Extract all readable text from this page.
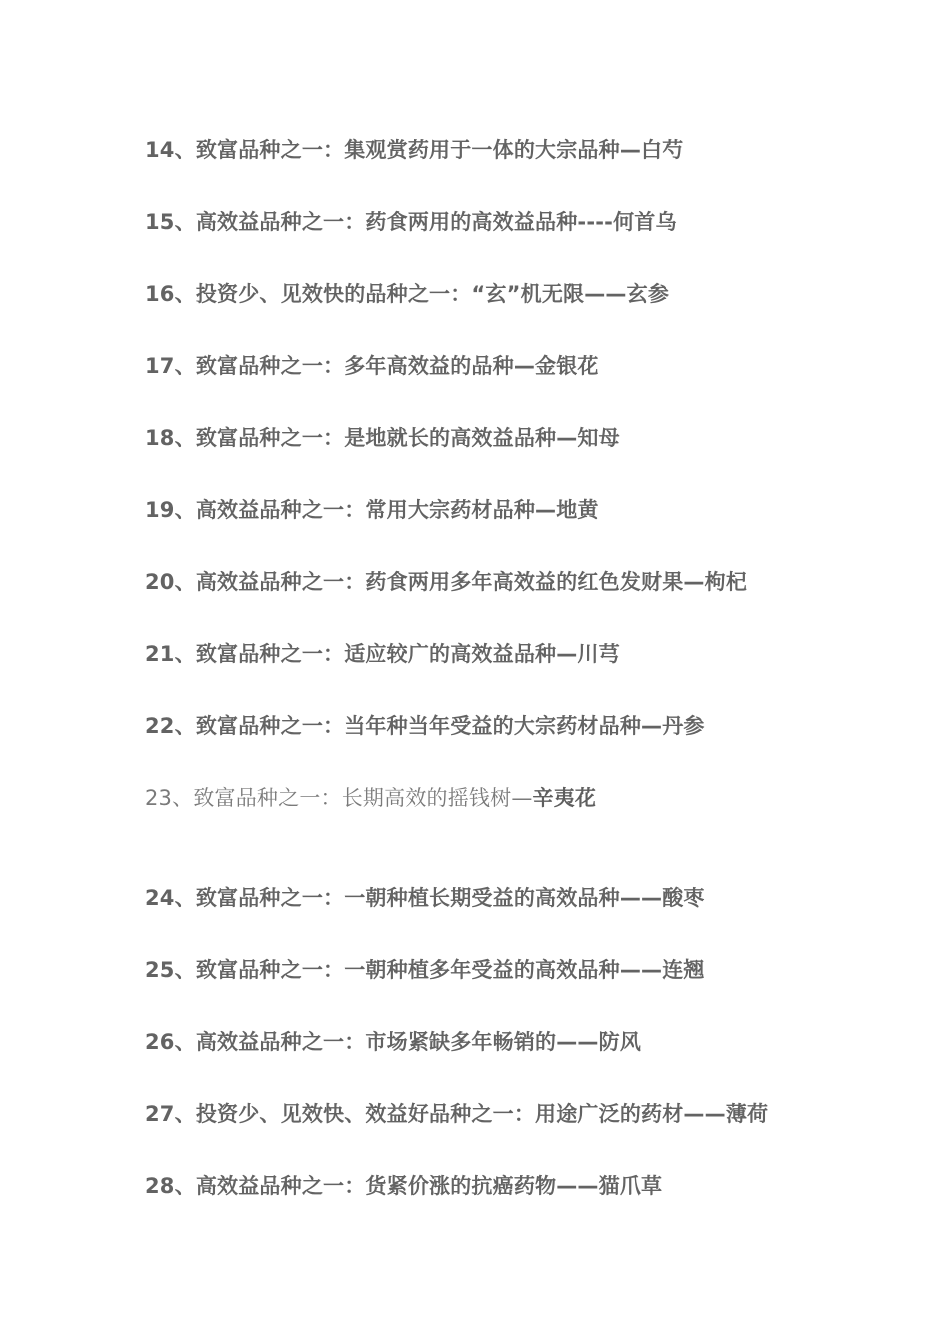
14、致富品种之一：集观赏药用于一体的大宗品种—白芍
15、高效益品种之一：药食两用的高效益品种----何首乌
16、投资少、见效快的品种之一：“玄”机无限——玄参
17、致富品种之一：多年高效益的品种—金银花
18、致富品种之一：是地就长的高效益品种—知母
19、高效益品种之一：常用大宗药材品种—地黄
20、高效益品种之一：药食两用多年高效益的红色发财果—枸杞
21、致富品种之一：适应较广的高效益品种—川芎
22、致富品种之一：当年种当年受益的大宗药材品种—丹参
23、致富品种之一：长期高效的摇钱树—辛夷花
24、致富品种之一：一朝种植长期受益的高效品种——酸枣
25、致富品种之一：一朝种植多年受益的高效品种——连翘
26、高效益品种之一：市场紧缺多年畅销的——防风
27、投资少、见效快、效益好品种之一：用途广泛的药材——薄荷
28、高效益品种之一：货紧价涨的抗癌药物——猫爪草
